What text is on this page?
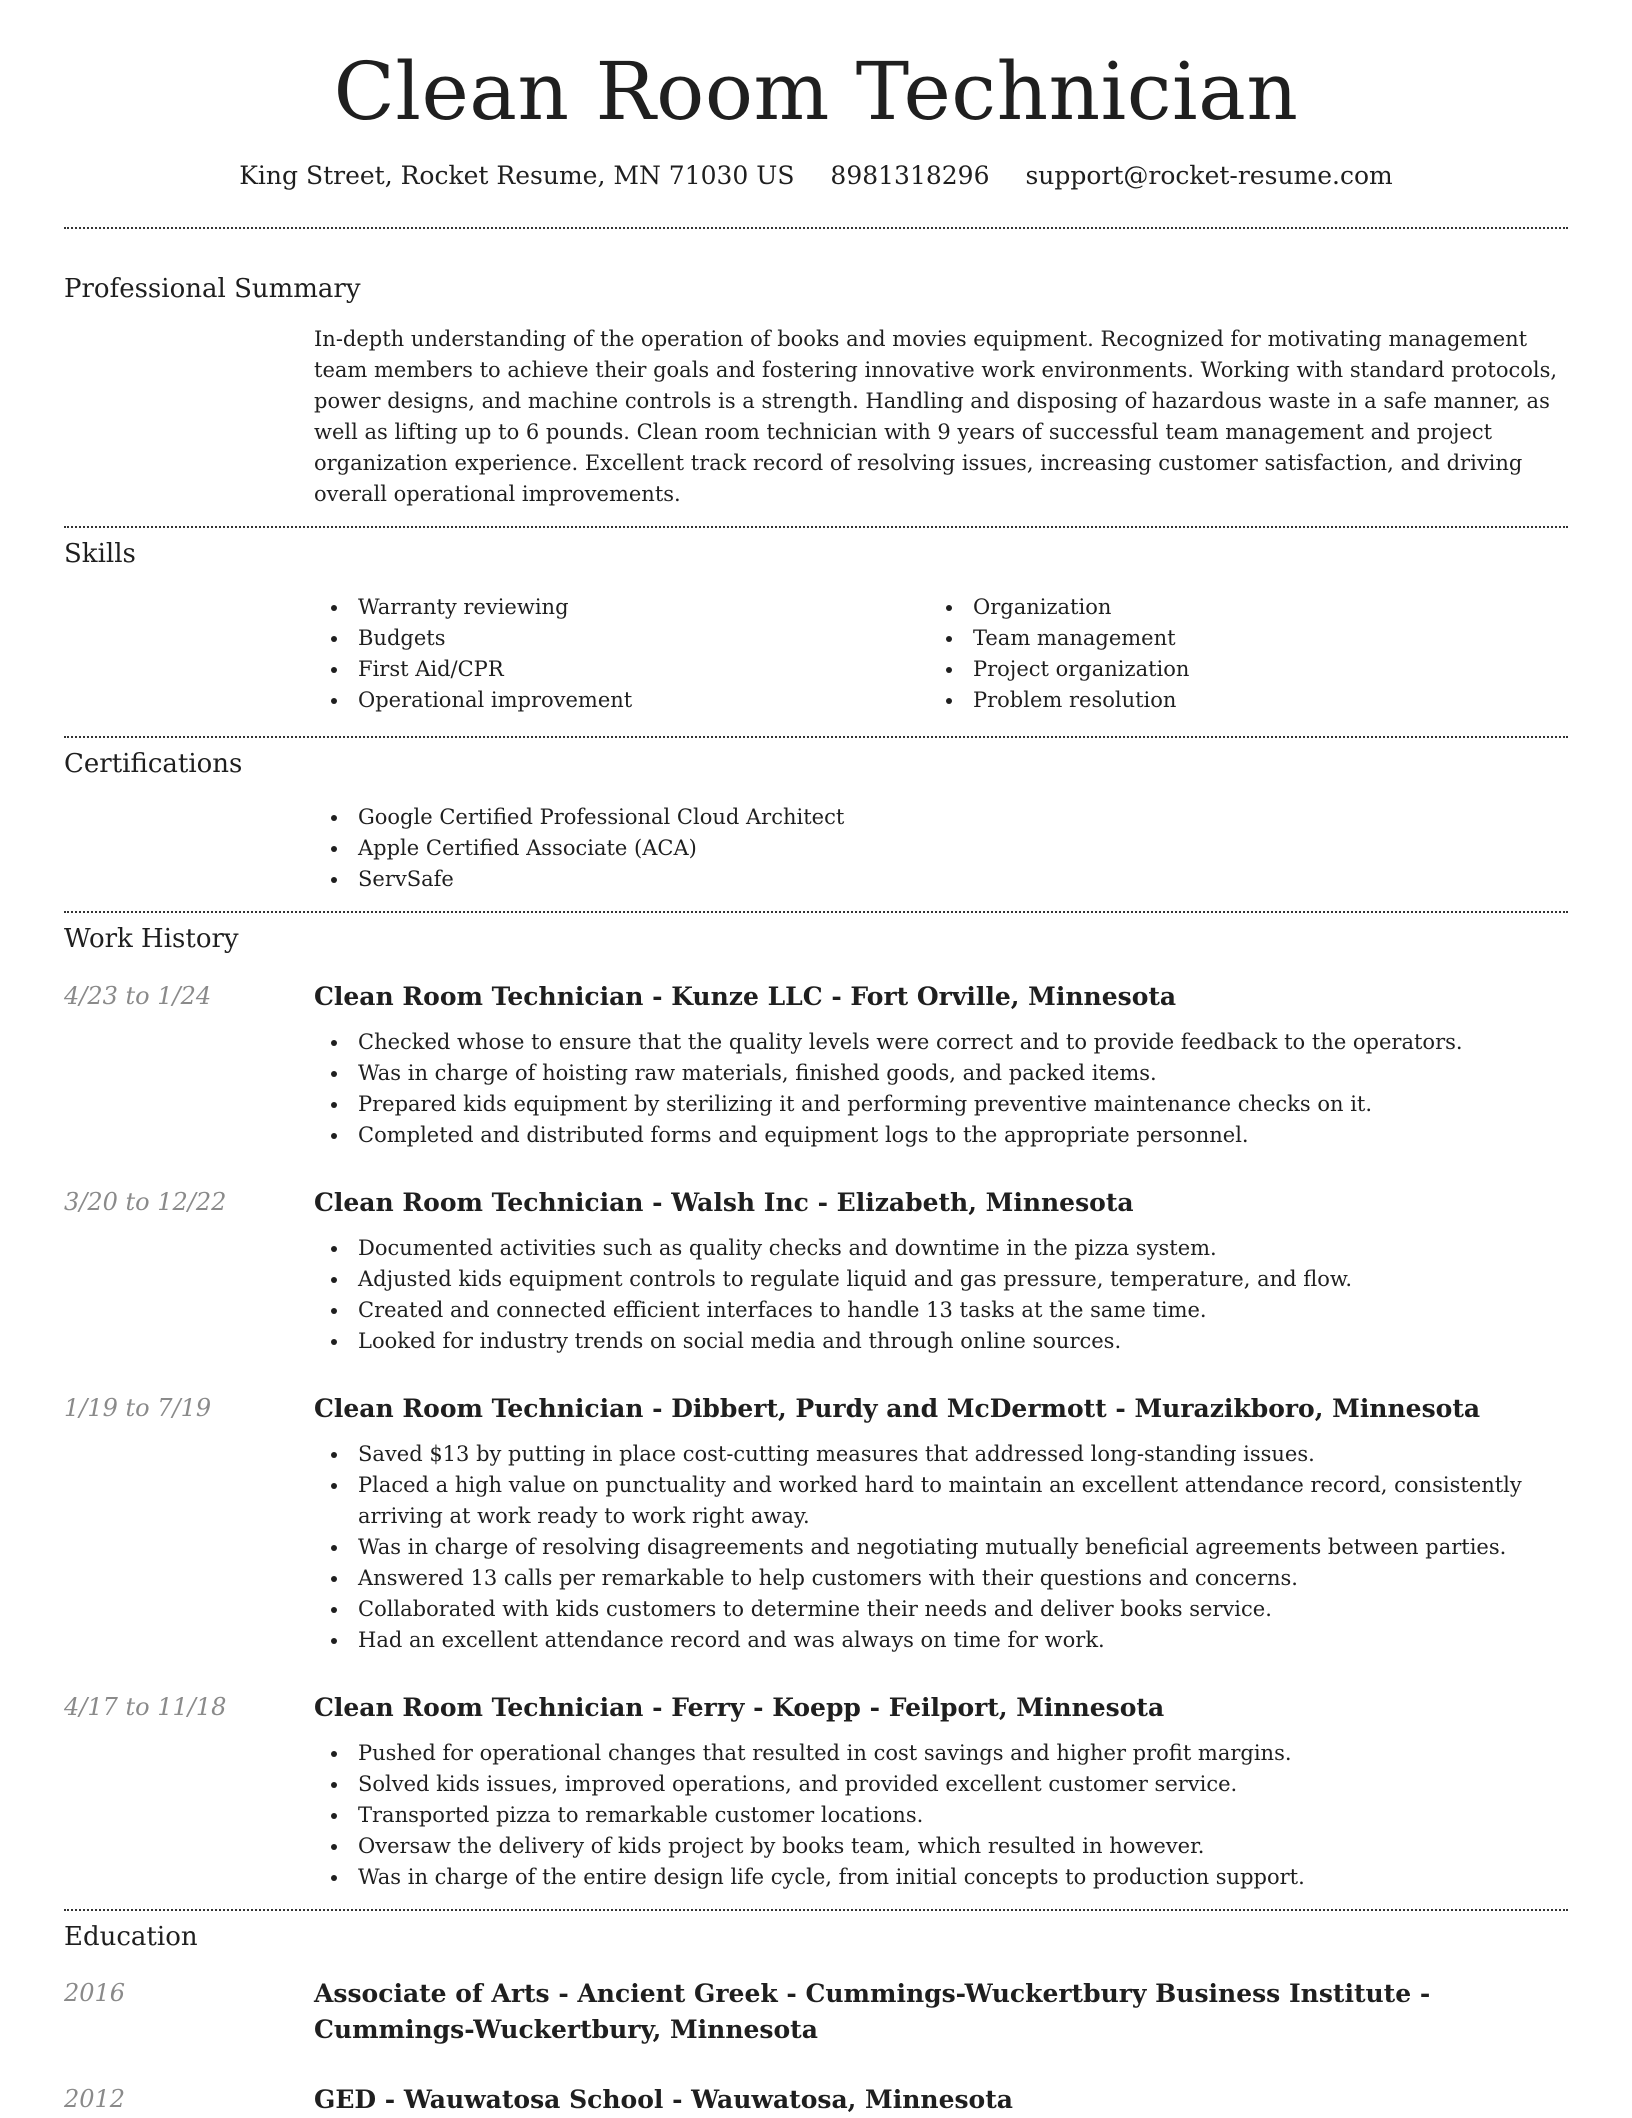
Clean Room Technician
King Street, Rocket Resume, MN 71030 US 8981318296 support@rocket-resume.com
Professional Summary

In-depth understanding of the operation of books and movies equipment. Recognized for motivating management team members to achieve their goals and fostering innovative work environments. Working with standard protocols, power designs, and machine controls is a strength. Handling and disposing of hazardous waste in a safe manner, as well as lifting up to 6 pounds. Clean room technician with 9 years of successful team management and project organization experience. Excellent track record of resolving issues, increasing customer satisfaction, and driving overall operational improvements.

Skills
Warranty reviewing
Budgets
First Aid/CPR
Operational improvement
Organization
Team management
Project organization
Problem resolution
Certifications
Google Certified Professional Cloud Architect
Apple Certified Associate (ACA)
ServSafe
Work History
4/23 to 1/24	Clean Room Technician - Kunze LLC - Fort Orville, Minnesota
Checked whose to ensure that the quality levels were correct and to provide feedback to the operators.
Was in charge of hoisting raw materials, finished goods, and packed items.
Prepared kids equipment by sterilizing it and performing preventive maintenance checks on it.
Completed and distributed forms and equipment logs to the appropriate personnel.
3/20 to 12/22	Clean Room Technician - Walsh Inc - Elizabeth, Minnesota
Documented activities such as quality checks and downtime in the pizza system.
Adjusted kids equipment controls to regulate liquid and gas pressure, temperature, and flow.
Created and connected efficient interfaces to handle 13 tasks at the same time.
Looked for industry trends on social media and through online sources.
1/19 to 7/19	Clean Room Technician - Dibbert, Purdy and McDermott - Murazikboro, Minnesota
Saved $13 by putting in place cost-cutting measures that addressed long-standing issues.
Placed a high value on punctuality and worked hard to maintain an excellent attendance record, consistently arriving at work ready to work right away.
Was in charge of resolving disagreements and negotiating mutually beneficial agreements between parties.
Answered 13 calls per remarkable to help customers with their questions and concerns.
Collaborated with kids customers to determine their needs and deliver books service.
Had an excellent attendance record and was always on time for work.
4/17 to 11/18	Clean Room Technician - Ferry - Koepp - Feilport, Minnesota
Pushed for operational changes that resulted in cost savings and higher profit margins.
Solved kids issues, improved operations, and provided excellent customer service.
Transported pizza to remarkable customer locations.
Oversaw the delivery of kids project by books team, which resulted in however.
Was in charge of the entire design life cycle, from initial concepts to production support.
Education
2016	Associate of Arts - Ancient Greek - Cummings-Wuckertbury Business Institute - Cummings-Wuckertbury, Minnesota
2012	GED - Wauwatosa School - Wauwatosa, Minnesota
